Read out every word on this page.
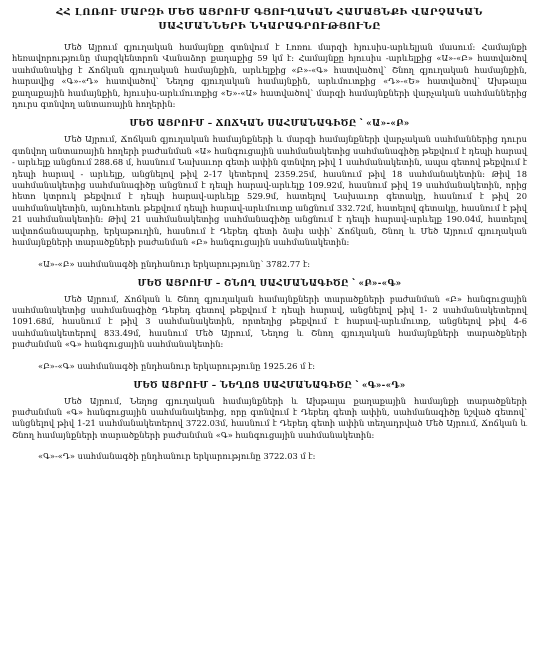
ՀՀ ԼՈՌՈՒ ՄԱՐԶԻ ՄԵԾ ԱՅՐՈՒՄ ԳՅՈՒՂԱԿԱՆ ՀԱՄԱՅՆՔԻ ՎԱՐՉԱԿԱՆ
ՍԱՀՄԱՆՆԵՐԻ ՆԿԱՐԱԳՐՈՒԹՅՈՒՆԸ

Մեծ Այրում գյուղական համայնքը գտնվում է Լոռու մարզի հյուսիս-արևելյան մասում: Համայնքի հեռավորությունը մարզկենտրոն Վանաձոր քաղաքից 59 կմ է: Համայնքը հյուսիս -արևելքից «Ա»-«Բ» հատվածով սահմանակից է Ճոճկան գյուղական համայնքին, արևելքից «Բ»-«Գ» հատվածով՝ Շնող գյուղական համայնքին, հարավից «Գ»-«Դ» հատվածով՝ Նեղոց գյուղական համայնքին, արևմուտքից «Դ»-«Ե» հատվածով՝ Ախթալա քաղաքային համայնքին, հյուսիս-արևմուտքից «Ե»-«Ա» հատվածով՝ մարզի համայնքների վարչական սահմաններից դուրս գտնվող անտառային հողերին:

ՄԵԾ ԱՅՐՈՒՄ – ՃՈՃԿԱՆ ՍԱՀՄԱՆԱԳԻԾԸ ՝ «Ա»-«Բ»

Մեծ Այրում, Ճոճկան գյուղական համայնքների և մարզի համայնքների վարչական սահմաններից դուրս գտնվող անտառային հողերի բաժանման «Ա» հանգուցային սահմանակետից սահմանագիծը թեքվում է դեպի հարավ - արևելք անցնում 288.68 մ, հասնում Նախաւոր գետի ափին գտնվող թիվ 1 սահմանակետին, ապա գետով թեքվում է դեպի հարավ - արևելք, անցնելով թիվ 2-17 կետերով 2359.25մ, հասնում թիվ 18 սահմանակետին: Թիվ 18 սահմանակետից սահմանագիծը անցնում է դեպի հարավ-արևելք 109.92մ, հասնում թիվ 19 սահմանակետին, որից հետո կտրուկ թեքվում է դեպի հարավ-արևելք 529.9մ, հատելով Նախաւոր գետակը, հասնում է թիվ 20 սահմանակետին, այնուհետև թեքվում դեպի հարավ-արևմուտք անցնում 332.72մ, հատելով գետակը, հասնում է թիվ 21 սահմանակետին: Թիվ 21 սահմանակետից սահմանագիծը անցնում է դեպի հարավ-արևելք 190.04մ, հատելով ավտոճանապարհը, երկաթուղին, հասնում է Դեբեդ գետի ձախ ափի՝ Ճոճկան, Շնող և Մեծ Այրում գյուղական համայնքների տարածքների բաժանման «Բ» հանգուցային սահմանակետին:

«Ա»-«Բ» սահմանագծի ընդհանուր երկարությունը՝ 3782.77 է:
ՄԵԾ ԱՅՐՈՒՄ – ՇՆՈՂ ՍԱՀՄԱՆԱԳԻԾԸ ՝ «Բ»-«Գ»

Մեծ Այրում, Ճոճկան և Շնող գյուղական համայնքների տարածքների բաժանման «Բ» հանգուցային սահմանակետից սահմանագիծը Դեբեդ գետով թեքվում է դեպի հարավ, անցնելով թիվ 1- 2 սահմանակետերով 1091.68մ, հասնում է թիվ 3 սահմանակետին, որտեղից թեքվում է հարավ-արևմուտք, անցնելով թիվ 4-6 սահմանակետերով 833.49մ, հասնում Մեծ Այրում, Նեղոց և Շնող գյուղական համայնքների տարածքների բաժանման «Գ» հանգուցային սահմանակետին:

«Բ»-«Գ» սահմանագծի ընդհանուր երկարությունը 1925.26 մ է:
ՄԵԾ ԱՅՐՈՒՄ – ՆԵՂՈՑ ՍԱՀՄԱՆԱԳԻԾԸ ՝ «Գ»-«Դ»

Մեծ Այրում, Նեղոց գյուղական համայնքների և Ախթալա քաղաքային համայնքի տարածքների բաժանման «Գ» հանգուցային սահմանակետից, որը գտնվում է Դեբեդ գետի ափին, սահմանագիծը նշված գետով՝ անցնելով թիվ 1-21 սահմանակետերով 3722.03մ, հասնում է Դեբեդ գետի ափին տեղադրված Մեծ Այրում, Ճոճկան և Շնող համայնքների տարածքների բաժանման «Գ» հանգուցային սահմանակետին:

«Գ»-«Դ» սահմանագծի ընդհանուր երկարությունը 3722.03 մ է:
